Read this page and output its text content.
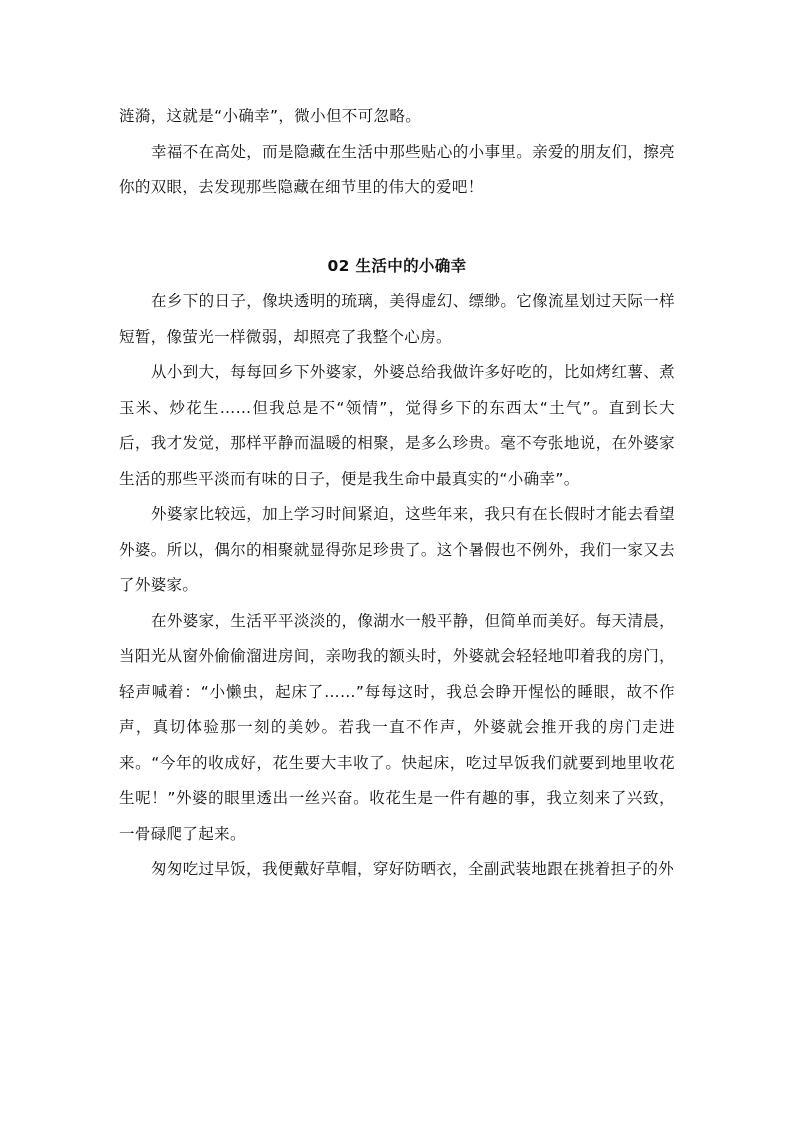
涟漪，这就是“小确幸”，微小但不可忽略。

幸福不在高处，而是隐藏在生活中那些贴心的小事里。亲爱的朋友们，擦亮你的双眼，去发现那些隐藏在细节里的伟大的爱吧！

02 生活中的小确幸

在乡下的日子，像块透明的琉璃，美得虚幻、缥缈。它像流星划过天际一样短暂，像萤光一样微弱，却照亮了我整个心房。

从小到大，每每回乡下外婆家，外婆总给我做许多好吃的，比如烤红薯、煮玉米、炒花生……但我总是不“领情”，觉得乡下的东西太“土气”。直到长大后，我才发觉，那样平静而温暖的相聚，是多么珍贵。毫不夸张地说，在外婆家生活的那些平淡而有味的日子，便是我生命中最真实的“小确幸”。

外婆家比较远，加上学习时间紧迫，这些年来，我只有在长假时才能去看望外婆。所以，偶尔的相聚就显得弥足珍贵了。这个暑假也不例外，我们一家又去了外婆家。

在外婆家，生活平平淡淡的，像湖水一般平静，但简单而美好。每天清晨，当阳光从窗外偷偷溜进房间，亲吻我的额头时，外婆就会轻轻地叩着我的房门，轻声喊着：“小懒虫，起床了……”每每这时，我总会睁开惺忪的睡眼，故不作声，真切体验那一刻的美妙。若我一直不作声，外婆就会推开我的房门走进来。“今年的收成好，花生要大丰收了。快起床，吃过早饭我们就要到地里收花生呢！”外婆的眼里透出一丝兴奋。收花生是一件有趣的事，我立刻来了兴致，一骨碌爬了起来。

匆匆吃过早饭，我便戴好草帽，穿好防晒衣，全副武装地跟在挑着担子的外
